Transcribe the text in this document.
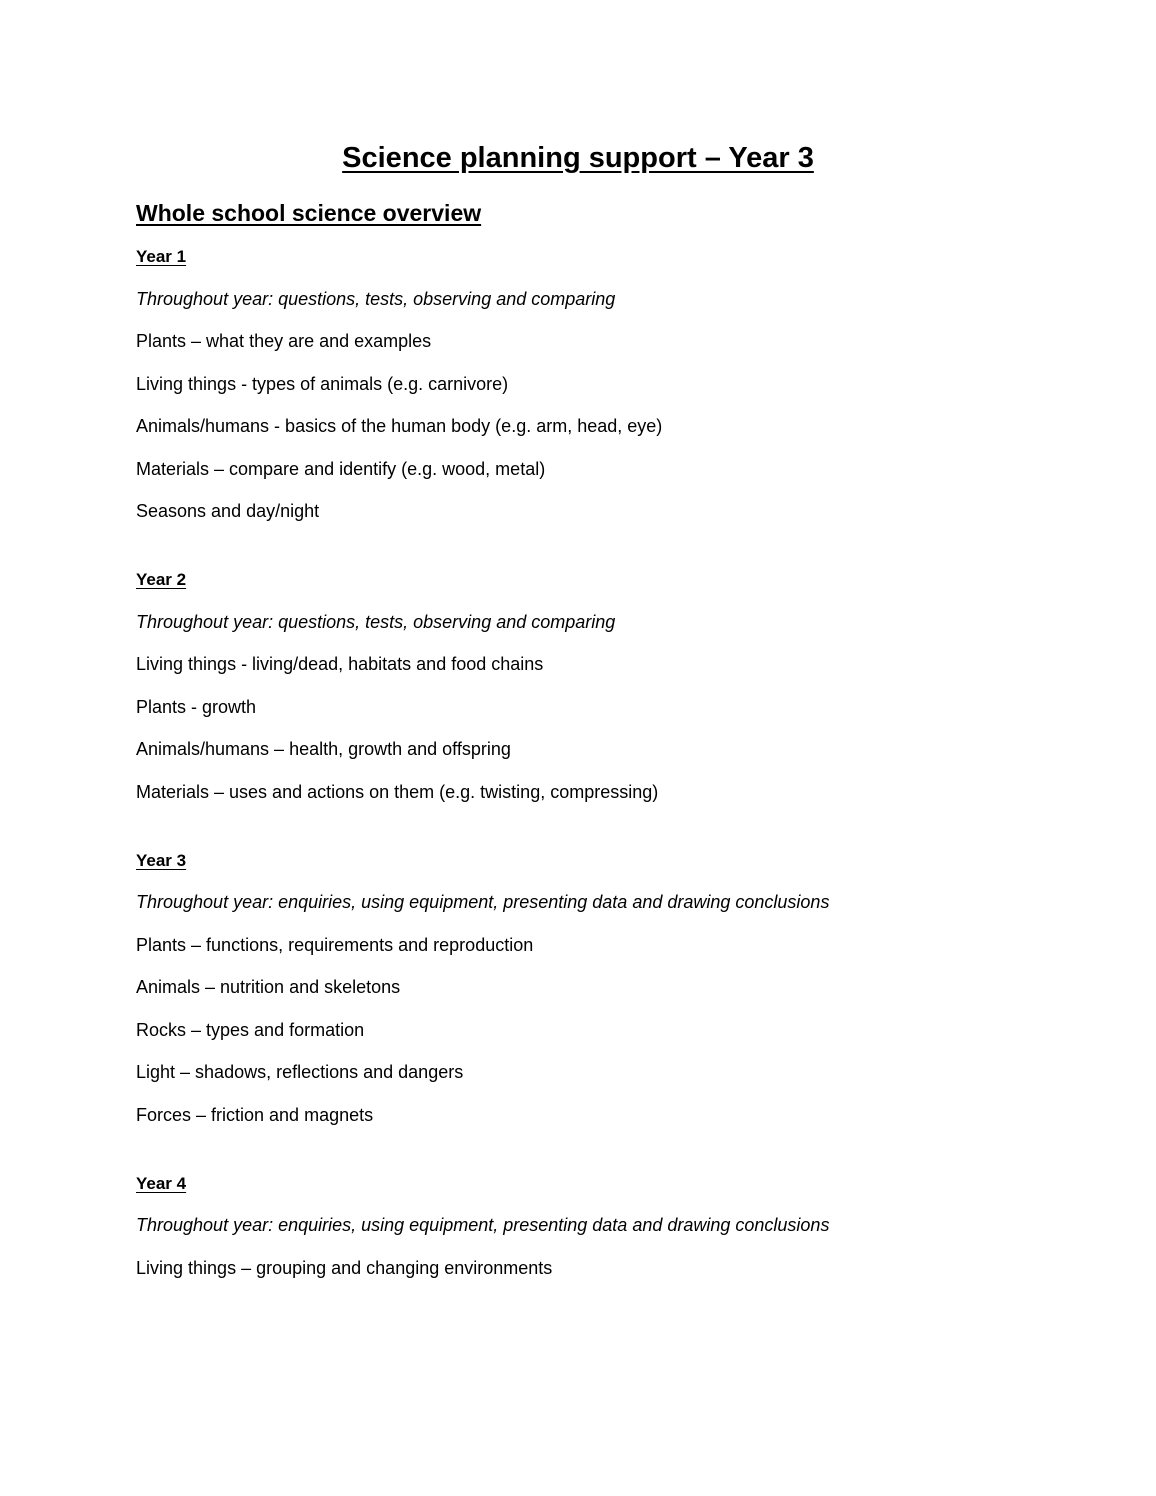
Science planning support – Year 3
Whole school science overview
Year 1
Throughout year: questions, tests, observing and comparing
Plants – what they are and examples
Living things - types of animals (e.g. carnivore)
Animals/humans - basics of the human body (e.g. arm, head, eye)
Materials – compare and identify (e.g. wood, metal)
Seasons and day/night
Year 2
Throughout year: questions, tests, observing and comparing
Living things - living/dead, habitats and food chains
Plants - growth
Animals/humans – health, growth and offspring
Materials – uses and actions on them (e.g. twisting, compressing)
Year 3
Throughout year: enquiries, using equipment, presenting data and drawing conclusions
Plants – functions, requirements and reproduction
Animals – nutrition and skeletons
Rocks – types and formation
Light – shadows, reflections and dangers
Forces – friction and magnets
Year 4
Throughout year: enquiries, using equipment, presenting data and drawing conclusions
Living things – grouping and changing environments
